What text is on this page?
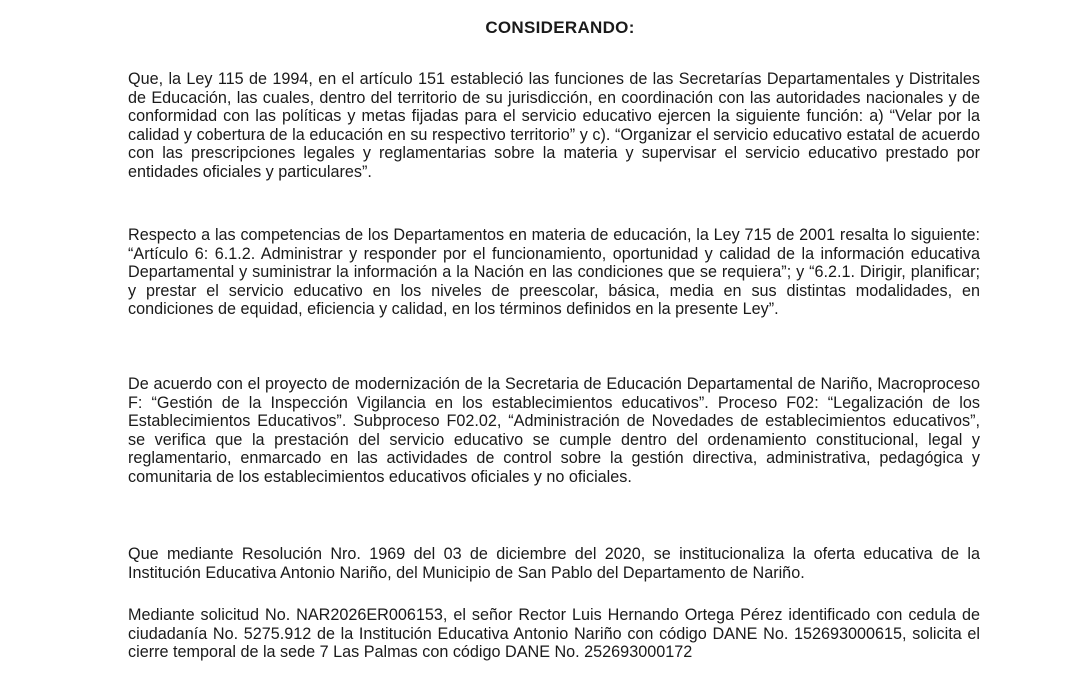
CONSIDERANDO:

Que, la Ley 115 de 1994, en el artículo 151 estableció las funciones de las Secretarías Departamentales y Distritales de Educación, las cuales, dentro del territorio de su jurisdicción, en coordinación con las autoridades nacionales y de conformidad con las políticas y metas fijadas para el servicio educativo ejercen la siguiente función: a) “Velar por la calidad y cobertura de la educación en su respectivo territorio” y c). “Organizar el servicio educativo estatal de acuerdo con las prescripciones legales y reglamentarias sobre la materia y supervisar el servicio educativo prestado por entidades oficiales y particulares”.

Respecto a las competencias de los Departamentos en materia de educación, la Ley 715 de 2001 resalta lo siguiente: “Artículo 6: 6.1.2. Administrar y responder por el funcionamiento, oportunidad y calidad de la información educativa Departamental y suministrar la información a la Nación en las condiciones que se requiera”; y “6.2.1. Dirigir, planificar; y prestar el servicio educativo en los niveles de preescolar, básica, media en sus distintas modalidades, en condiciones de equidad, eficiencia y calidad, en los términos definidos en la presente Ley”.

De acuerdo con el proyecto de modernización de la Secretaria de Educación Departamental de Nariño, Macroproceso F: “Gestión de la Inspección Vigilancia en los establecimientos educativos”. Proceso F02: “Legalización de los Establecimientos Educativos”. Subproceso F02.02, “Administración de Novedades de establecimientos educativos”, se verifica que la prestación del servicio educativo se cumple dentro del ordenamiento constitucional, legal y reglamentario, enmarcado en las actividades de control sobre la gestión directiva, administrativa, pedagógica y comunitaria de los establecimientos educativos oficiales y no oficiales.

Que mediante Resolución Nro. 1969 del 03 de diciembre del 2020, se institucionaliza la oferta educativa de la Institución Educativa Antonio Nariño, del Municipio de San Pablo del Departamento de Nariño.

Mediante solicitud No. NAR2026ER006153, el señor Rector Luis Hernando Ortega Pérez identificado con cedula de ciudadanía No. 5275.912 de la Institución Educativa Antonio Nariño con código DANE No. 152693000615, solicita el cierre temporal de la sede 7 Las Palmas con código DANE No. 252693000172
